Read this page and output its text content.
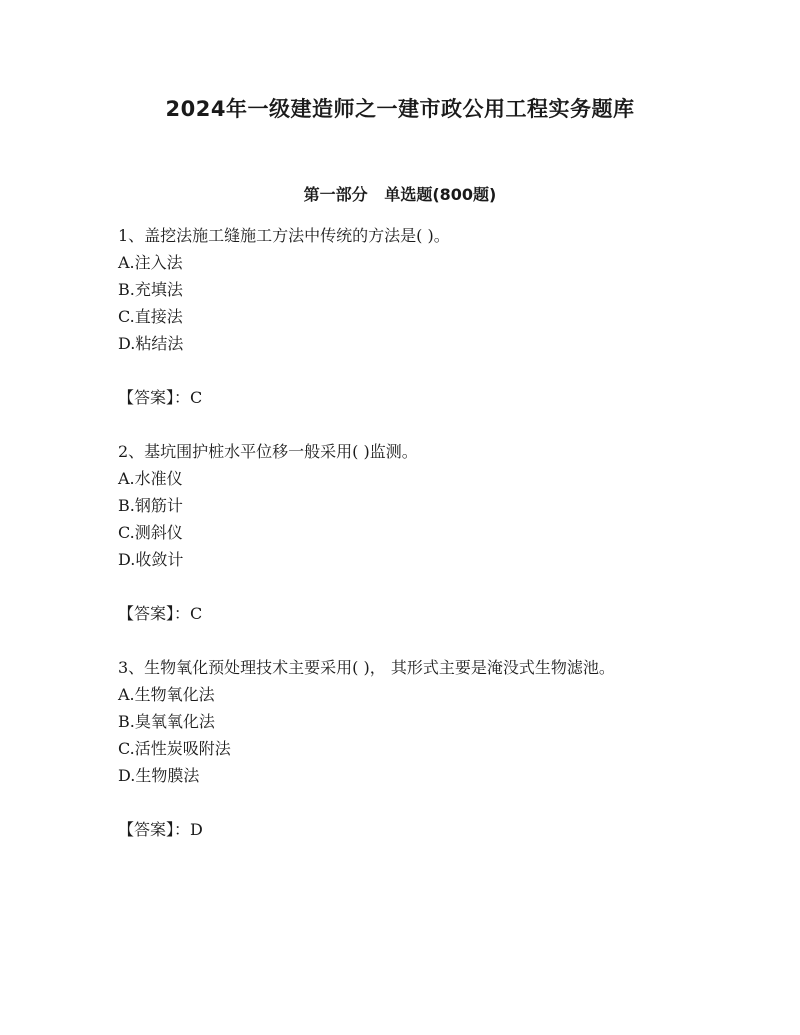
2024年一级建造师之一建市政公用工程实务题库
第一部分   单选题(800题)

1、盖挖法施工缝施工方法中传统的方法是( )。

A.注入法

B.充填法

C.直接法

D.粘结法

【答案】：C

2、基坑围护桩水平位移一般采用( )监测。

A.水准仪

B.钢筋计

C.测斜仪

D.收敛计

【答案】：C

3、生物氧化预处理技术主要采用( )， 其形式主要是淹没式生物滤池。

A.生物氧化法

B.臭氧氧化法

C.活性炭吸附法

D.生物膜法

【答案】：D
